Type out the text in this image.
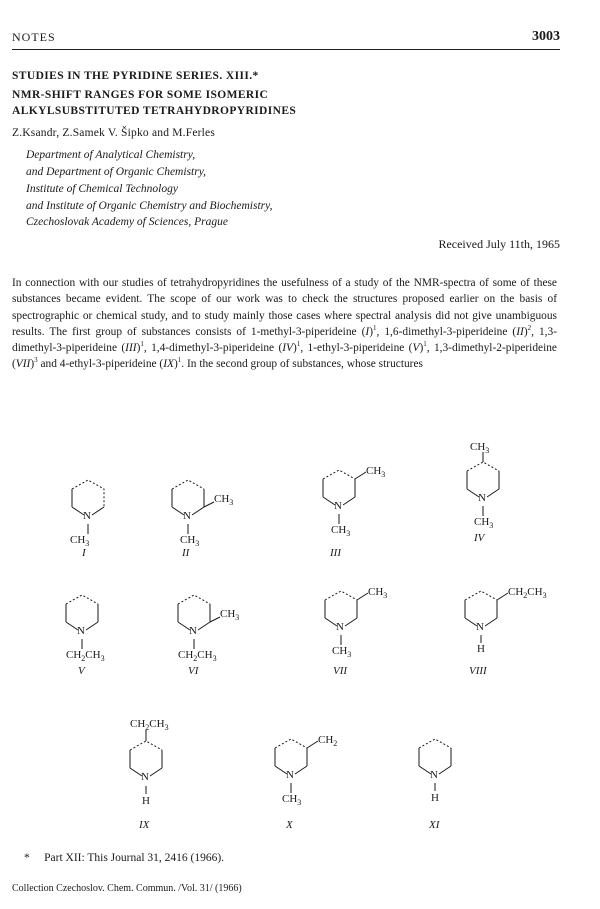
NOTES	3003
STUDIES IN THE PYRIDINE SERIES. XIII.*
NMR-SHIFT RANGES FOR SOME ISOMERIC
ALKYLSUBSTITUTED TETRAHYDROPYRIDINES
Z.Ksandr, Z.Samek V. Šipko and M.Ferles
Department of Analytical Chemistry,
and Department of Organic Chemistry,
Institute of Chemical Technology
and Institute of Organic Chemistry and Biochemistry,
Czechoslovak Academy of Sciences, Prague
Received July 11th, 1965
In connection with our studies of tetrahydropyridines the usefulness of a study of the NMR-spectra of some of these substances became evident. The scope of our work was to check the structures proposed earlier on the basis of spectrographic or chemical study, and to study mainly those cases where spectral analysis did not give unambiguous results. The first group of substances consists of 1-methyl-3-piperideine $(I)^1$, 1,6-dimethyl-3-piperideine (II)$^2$, 1,3-dimethyl-3-piperideine (III)$^1$, 1,4-dimethyl-3-piperideine (IV)$^1$, 1-ethyl-3-piperideine $(V)^1$, 1,3-dimethyl-2-piperideine (VII)$^3$ and 4-ethyl-3-piperideine (IX)$^1$. In the second group of substances, whose structures
N
$CH_3$
I
N
$CH_3$
$CH_3$
II
N
$CH_3$
$CH_3$
III
$CH_3$
N
$CH_3$
IV
N
$CH_2CH_3$
V
N
$CH_3$
$CH_2CH_3$
VI
N
$CH_3$
$CH_3$
VII
N
$CH_2CH_3$
H
VIII
$CH_2CH_3$
N
H
IX
N
$CH_2$
$CH_3$
X
N
H
XI
* Part XII: This Journal 31, 2416 (1966).
Collection Czechoslov. Chem. Commun. /Vol. 31/ (1966)
